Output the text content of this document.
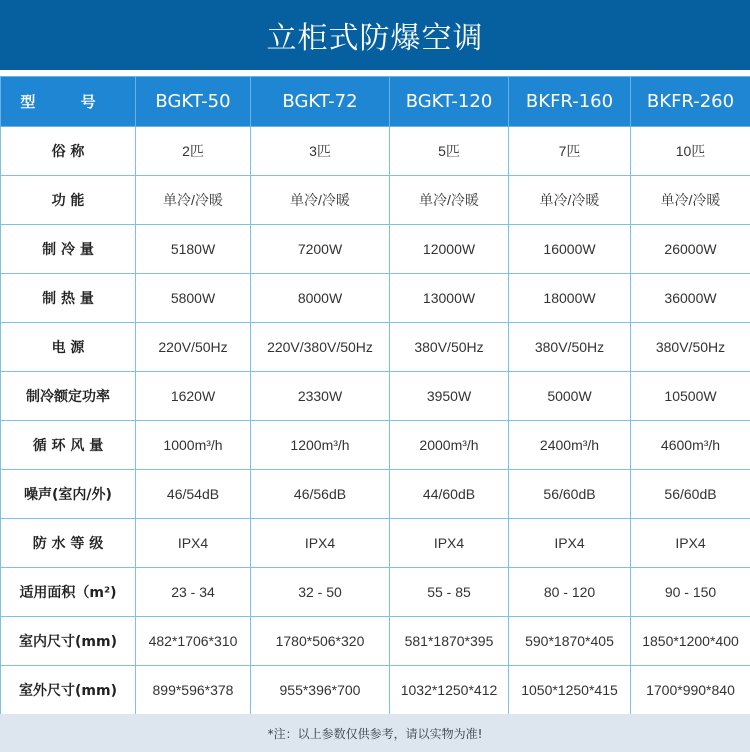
立柜式防爆空调
型 号	BGKT-50	BGKT-72	BGKT-120	BKFR-160	BKFR-260
俗 称	2匹	3匹	5匹	7匹	10匹
功 能	单冷/冷暖	单冷/冷暖	单冷/冷暖	单冷/冷暖	单冷/冷暖
制 冷 量	5180W	7200W	12000W	16000W	26000W
制 热 量	5800W	8000W	13000W	18000W	36000W
电 源	220V/50Hz	220V/380V/50Hz	380V/50Hz	380V/50Hz	380V/50Hz
制冷额定功率	1620W	2330W	3950W	5000W	10500W
循 环 风 量	1000m³/h	1200m³/h	2000m³/h	2400m³/h	4600m³/h
噪声(室内/外)	46/54dB	46/56dB	44/60dB	56/60dB	56/60dB
防 水 等 级	IPX4	IPX4	IPX4	IPX4	IPX4
适用面积（m²)	23 - 34	32 - 50	55 - 85	80 - 120	90 - 150
室内尺寸(mm)	482*1706*310	1780*506*320	581*1870*395	590*1870*405	1850*1200*400
室外尺寸(mm)	899*596*378	955*396*700	1032*1250*412	1050*1250*415	1700*990*840
*注：以上参数仅供参考，请以实物为准!
